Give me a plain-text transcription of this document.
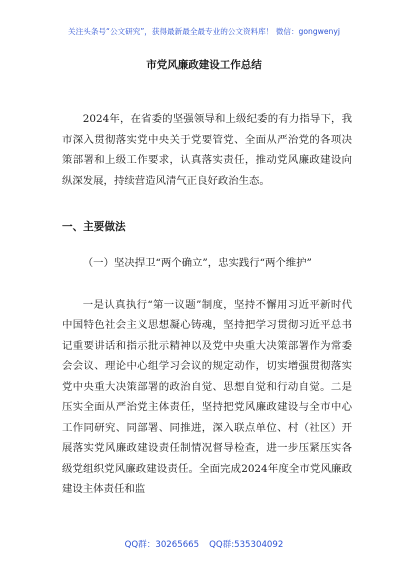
关注头条号“公文研究”，获得最新最全最专业的公文资料库！ 微信：gongwenyj
市党风廉政建设工作总结

2024年，在省委的坚强领导和上级纪委的有力指导下，我市深入贯彻落实党中央关于党要管党、全面从严治党的各项决策部署和上级工作要求，认真落实责任，推动党风廉政建设向纵深发展，持续营造风清气正良好政治生态。

一、主要做法

（一）坚决捍卫“两个确立”，忠实践行“两个维护”

一是认真执行“第一议题”制度，坚持不懈用习近平新时代中国特色社会主义思想凝心铸魂，坚持把学习贯彻习近平总书记重要讲话和指示批示精神以及党中央重大决策部署作为常委会会议、理论中心组学习会议的规定动作，切实增强贯彻落实党中央重大决策部署的政治自觉、思想自觉和行动自觉。二是压实全面从严治党主体责任，坚持把党风廉政建设与全市中心工作同研究、同部署、同推进，深入联点单位、村（社区）开展落实党风廉政建设责任制情况督导检查，进一步压紧压实各级党组织党风廉政建设责任。全面完成2024年度全市党风廉政建设主体责任和监

QQ群：30265665 QQ群:535304092
